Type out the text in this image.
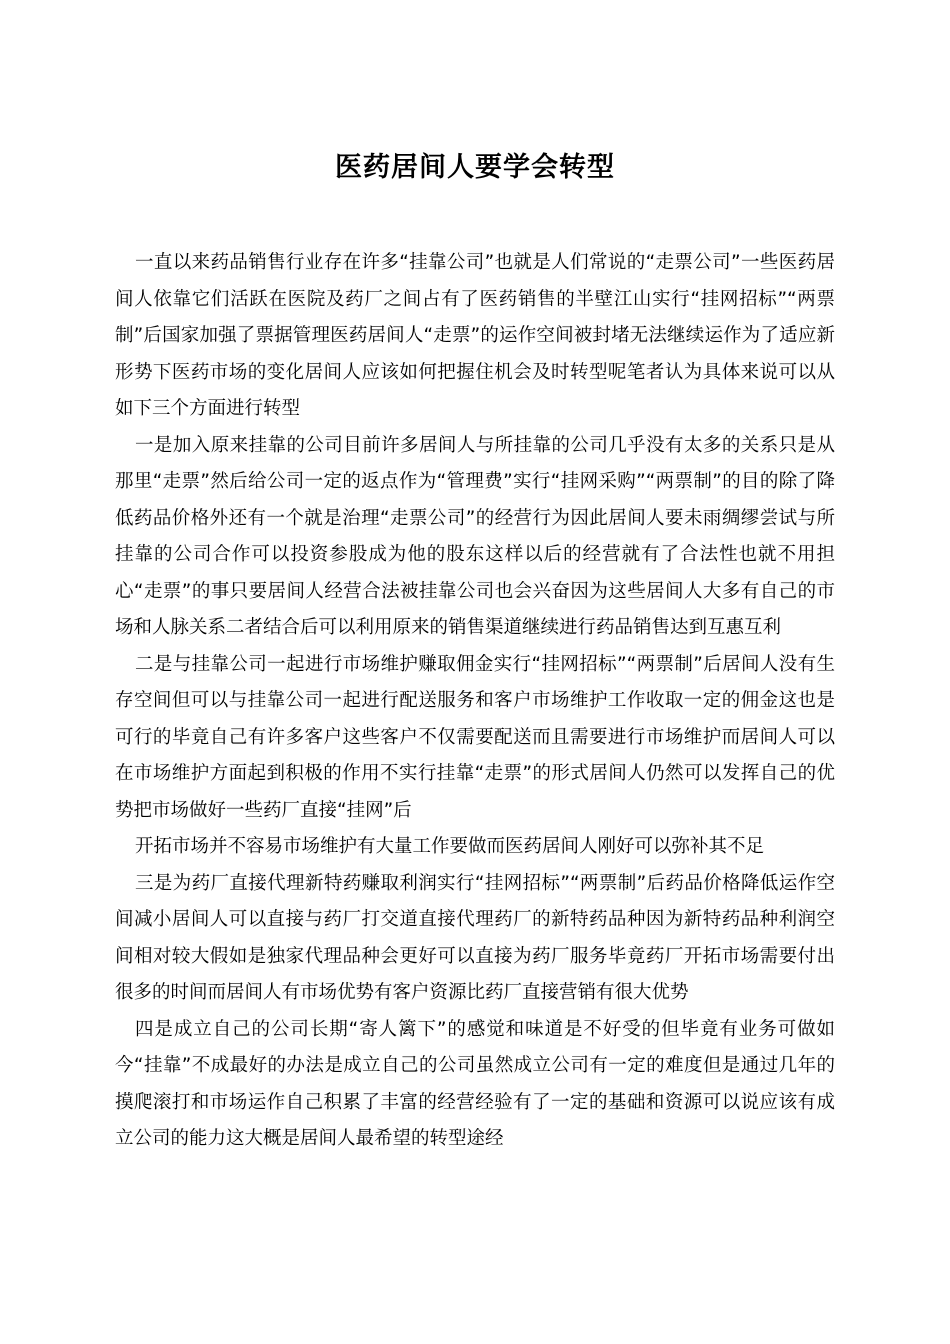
医药居间人要学会转型

一直以来药品销售行业存在许多“挂靠公司”也就是人们常说的“走票公司”一些医药居间人依靠它们活跃在医院及药厂之间占有了医药销售的半壁江山实行“挂网招标”“两票制”后国家加强了票据管理医药居间人“走票”的运作空间被封堵无法继续运作为了适应新形势下医药市场的变化居间人应该如何把握住机会及时转型呢笔者认为具体来说可以从如下三个方面进行转型

一是加入原来挂靠的公司目前许多居间人与所挂靠的公司几乎没有太多的关系只是从那里“走票”然后给公司一定的返点作为“管理费”实行“挂网采购”“两票制”的目的除了降低药品价格外还有一个就是治理“走票公司”的经营行为因此居间人要未雨绸缪尝试与所挂靠的公司合作可以投资参股成为他的股东这样以后的经营就有了合法性也就不用担心“走票”的事只要居间人经营合法被挂靠公司也会兴奋因为这些居间人大多有自己的市场和人脉关系二者结合后可以利用原来的销售渠道继续进行药品销售达到互惠互利

二是与挂靠公司一起进行市场维护赚取佣金实行“挂网招标”“两票制”后居间人没有生存空间但可以与挂靠公司一起进行配送服务和客户市场维护工作收取一定的佣金这也是可行的毕竟自己有许多客户这些客户不仅需要配送而且需要进行市场维护而居间人可以在市场维护方面起到积极的作用不实行挂靠“走票”的形式居间人仍然可以发挥自己的优势把市场做好一些药厂直接“挂网”后

开拓市场并不容易市场维护有大量工作要做而医药居间人刚好可以弥补其不足

三是为药厂直接代理新特药赚取利润实行“挂网招标”“两票制”后药品价格降低运作空间减小居间人可以直接与药厂打交道直接代理药厂的新特药品种因为新特药品种利润空间相对较大假如是独家代理品种会更好可以直接为药厂服务毕竟药厂开拓市场需要付出很多的时间而居间人有市场优势有客户资源比药厂直接营销有很大优势

四是成立自己的公司长期“寄人篱下”的感觉和味道是不好受的但毕竟有业务可做如今“挂靠”不成最好的办法是成立自己的公司虽然成立公司有一定的难度但是通过几年的摸爬滚打和市场运作自己积累了丰富的经营经验有了一定的基础和资源可以说应该有成立公司的能力这大概是居间人最希望的转型途经
